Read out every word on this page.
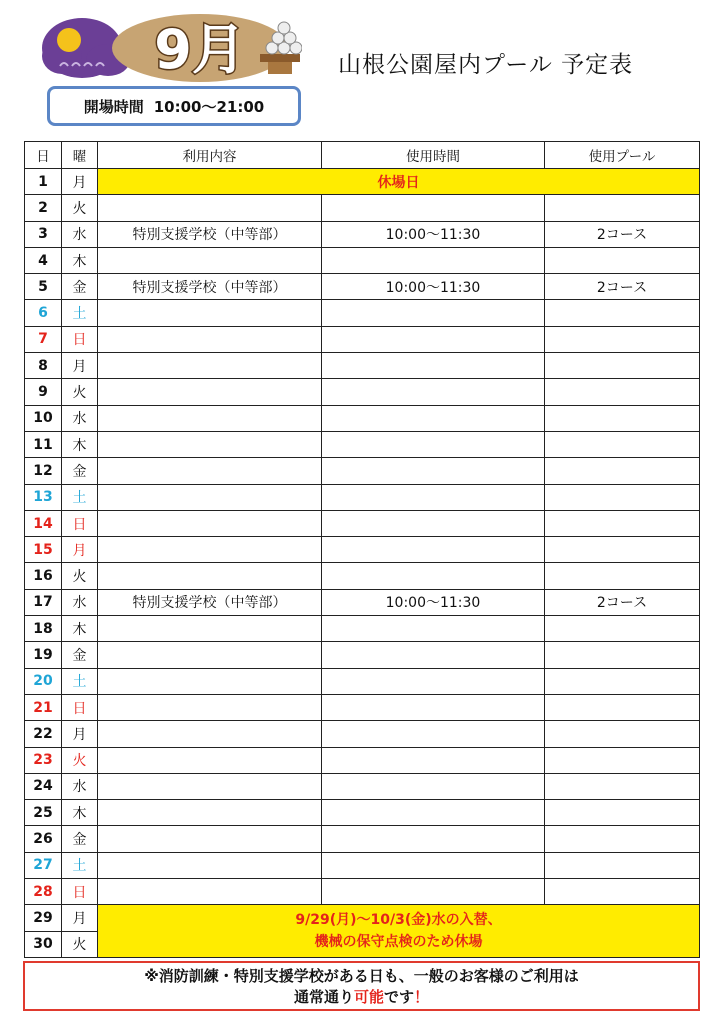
9月	山根公園屋内プール 予定表
開場時間 10:00～21:00
日	曜	利用内容	使用時間	使用プール
1	月	休場日		
2	火			
3	水	特別支援学校（中等部）	10:00～11:30	2コース
4	木			
5	金	特別支援学校（中等部）	10:00～11:30	2コース
6	土			
7	日			
8	月			
9	火			
10	水			
11	木			
12	金			
13	土			
14	日			
15	月			
16	火			
17	水	特別支援学校（中等部）	10:00～11:30	2コース
18	木			
19	金			
20	土			
21	日			
22	月			
23	火			
24	水			
25	木			
26	金			
27	土			
28	日			
29	月	9/29(月)～10/3(金)水の入替、
機械の保守点検のため休場		

30	火			
※消防訓練・特別支援学校がある日も、一般のお客様のご利用は
通常通り可能です！
